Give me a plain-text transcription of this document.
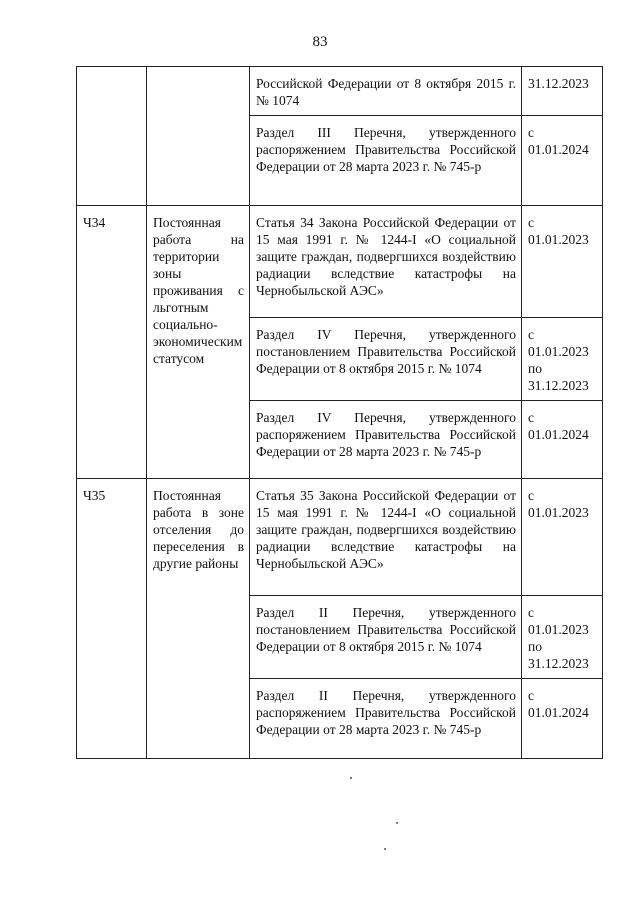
83
		Российской Федерации от 8 октября 2015 г. № 1074	31.12.2023
		Раздел III Перечня, утвержденного распоряжением Правительства Российской Федерации от 28 марта 2023 г. № 745-р	с 01.01.2024
Ч34	Постоянная работа на территории зоны проживания с льготным социально-экономическим статусом	Статья 34 Закона Российской Федерации от 15 мая 1991 г. № 1244-I «О социальной защите граждан, подвергшихся воздействию радиации вследствие катастрофы на Чернобыльской АЭС»	с 01.01.2023
		Раздел IV Перечня, утвержденного постановлением Правительства Российской Федерации от 8 октября 2015 г. № 1074	с 01.01.2023 по 31.12.2023
		Раздел IV Перечня, утвержденного распоряжением Правительства Российской Федерации от 28 марта 2023 г. № 745-р	с 01.01.2024
Ч35	Постоянная работа в зоне отселения до переселения в другие районы	Статья 35 Закона Российской Федерации от 15 мая 1991 г. № 1244-I «О социальной защите граждан, подвергшихся воздействию радиации вследствие катастрофы на Чернобыльской АЭС»	с 01.01.2023
		Раздел II Перечня, утвержденного постановлением Правительства Российской Федерации от 8 октября 2015 г. № 1074	с 01.01.2023 по 31.12.2023
		Раздел II Перечня, утвержденного распоряжением Правительства Российской Федерации от 28 марта 2023 г. № 745-р	с 01.01.2024
